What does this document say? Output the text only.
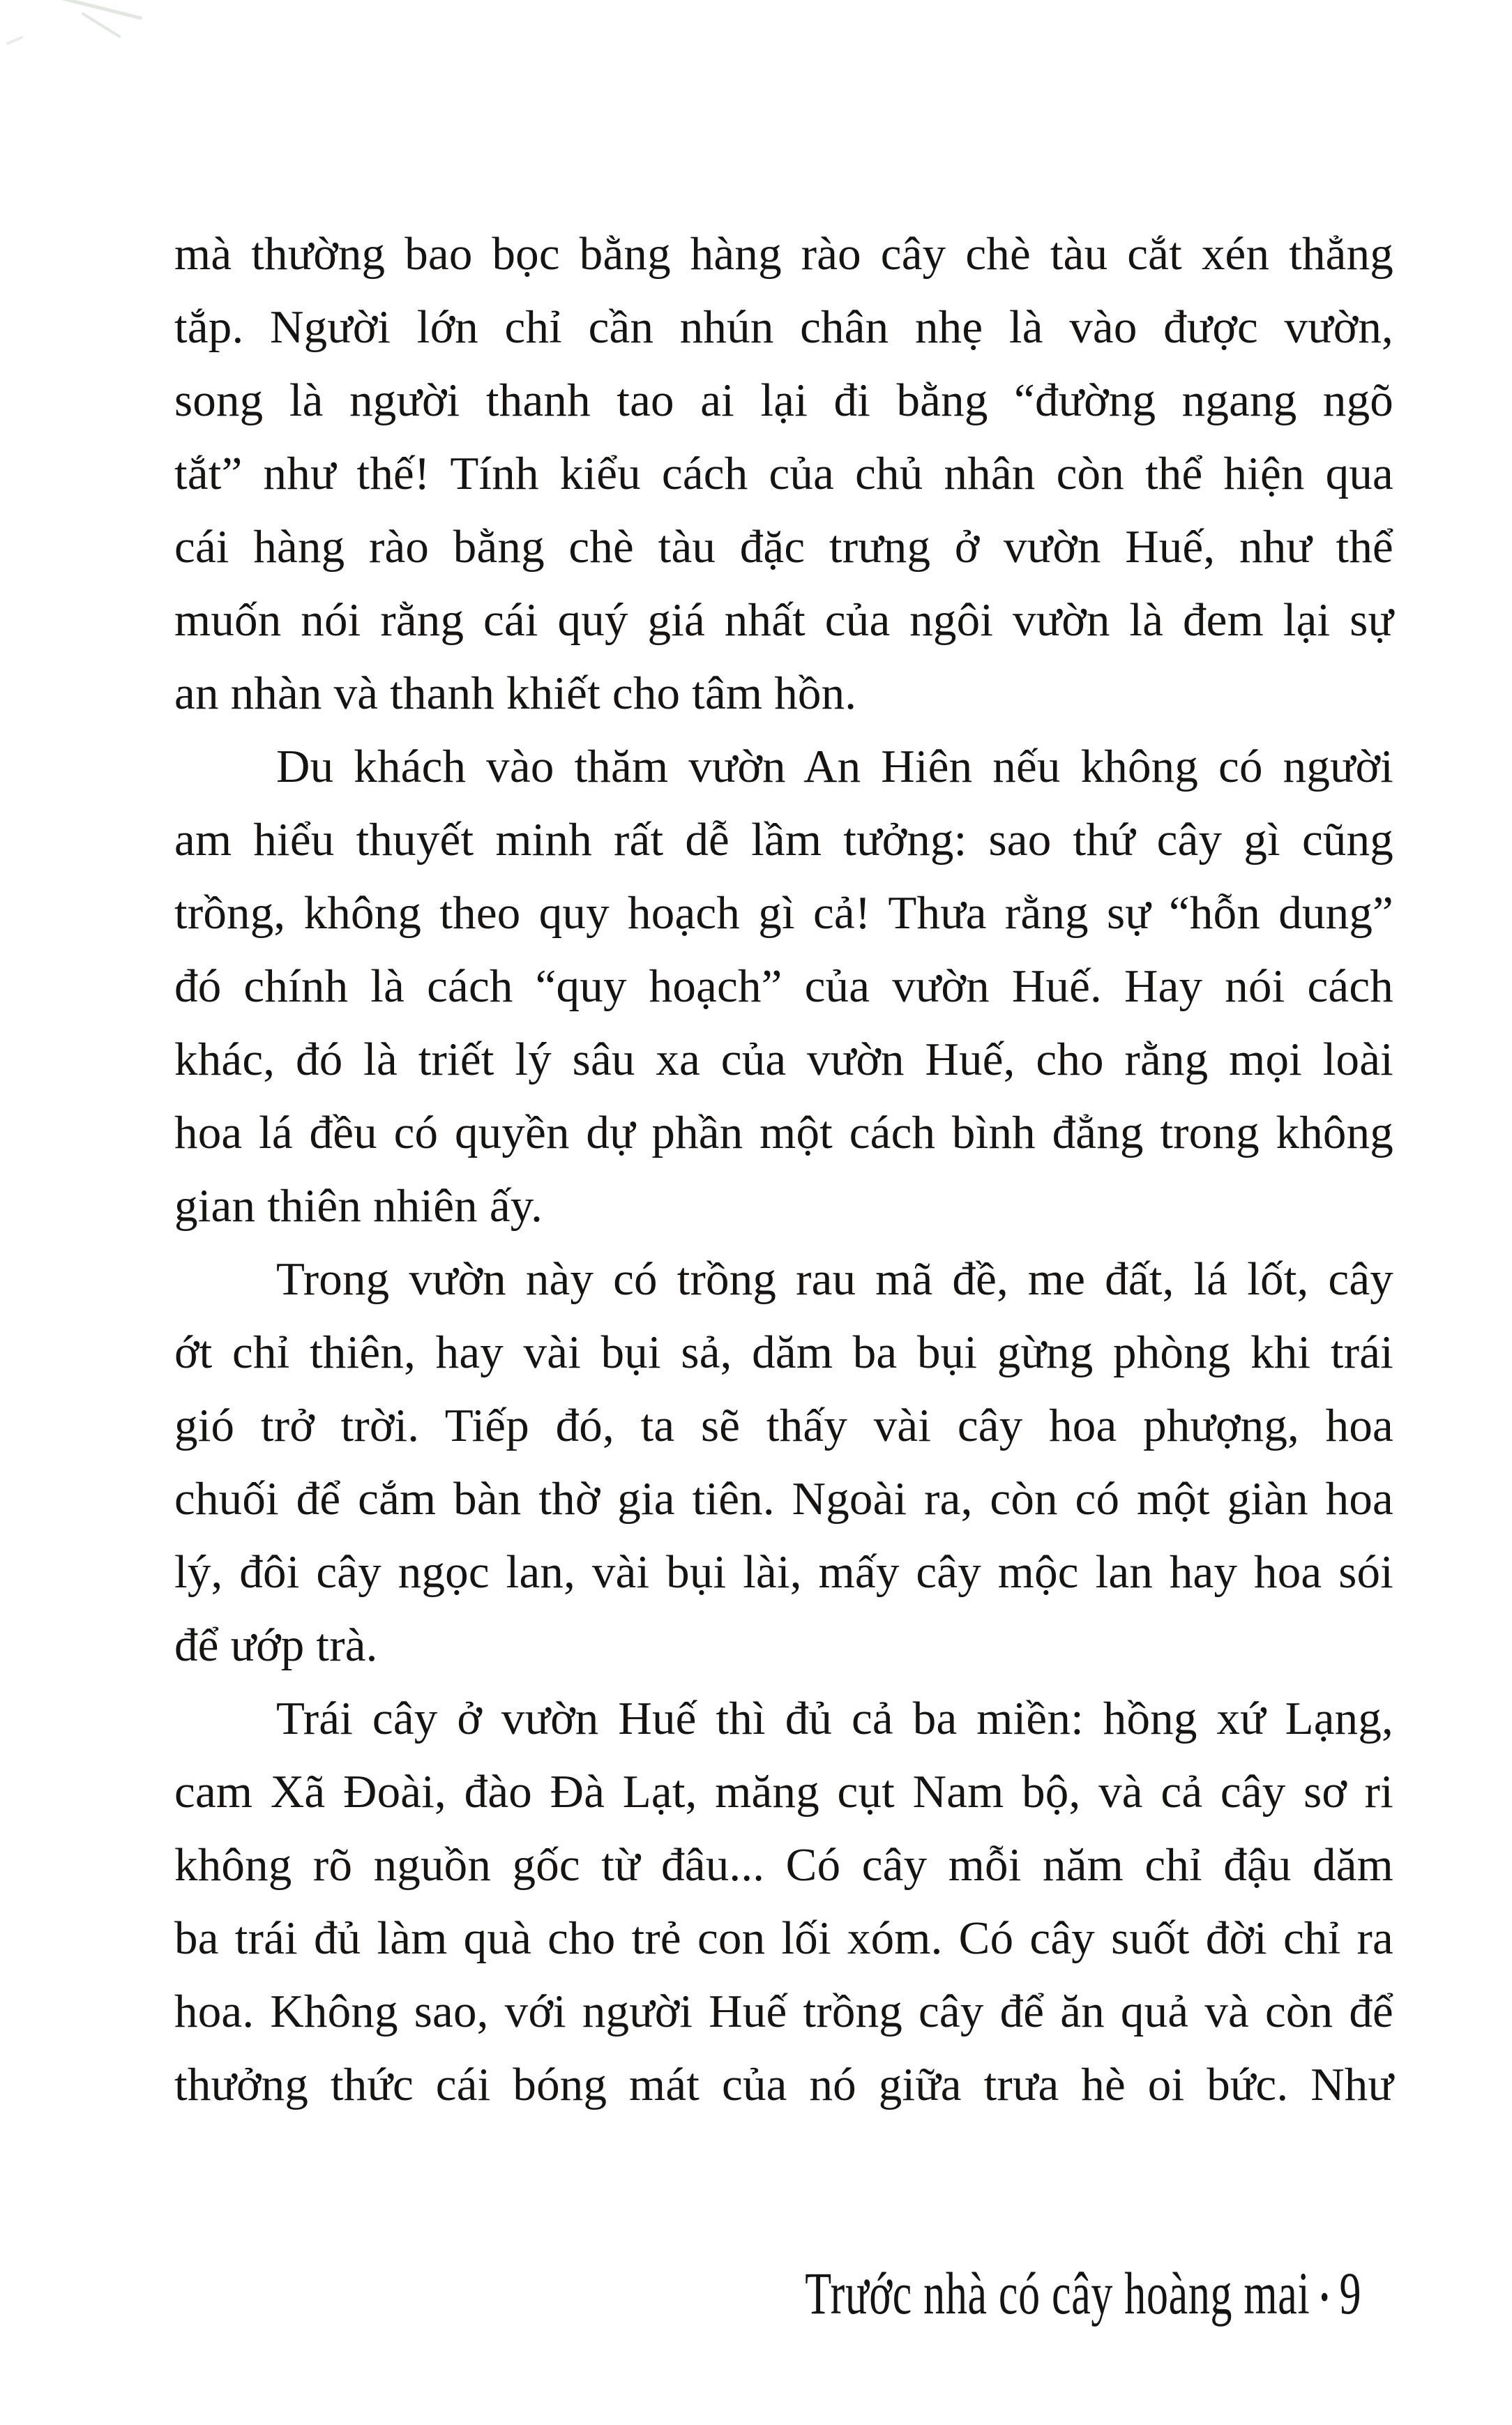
mà thường bao bọc bằng hàng rào cây chè tàu cắt xén thẳng
tắp. Người lớn chỉ cần nhún chân nhẹ là vào được vườn,
song là người thanh tao ai lại đi bằng “đường ngang ngõ
tắt” như thế! Tính kiểu cách của chủ nhân còn thể hiện qua
cái hàng rào bằng chè tàu đặc trưng ở vườn Huế, như thể
muốn nói rằng cái quý giá nhất của ngôi vườn là đem lại sự
an nhàn và thanh khiết cho tâm hồn.
Du khách vào thăm vườn An Hiên nếu không có người
am hiểu thuyết minh rất dễ lầm tưởng: sao thứ cây gì cũng
trồng, không theo quy hoạch gì cả! Thưa rằng sự “hỗn dung”
đó chính là cách “quy hoạch” của vườn Huế. Hay nói cách
khác, đó là triết lý sâu xa của vườn Huế, cho rằng mọi loài
hoa lá đều có quyền dự phần một cách bình đẳng trong không
gian thiên nhiên ấy.
Trong vườn này có trồng rau mã đề, me đất, lá lốt, cây
ớt chỉ thiên, hay vài bụi sả, dăm ba bụi gừng phòng khi trái
gió trở trời. Tiếp đó, ta sẽ thấy vài cây hoa phượng, hoa
chuối để cắm bàn thờ gia tiên. Ngoài ra, còn có một giàn hoa
lý, đôi cây ngọc lan, vài bụi lài, mấy cây mộc lan hay hoa sói
để ướp trà.
Trái cây ở vườn Huế thì đủ cả ba miền: hồng xứ Lạng,
cam Xã Đoài, đào Đà Lạt, măng cụt Nam bộ, và cả cây sơ ri
không rõ nguồn gốc từ đâu... Có cây mỗi năm chỉ đậu dăm
ba trái đủ làm quà cho trẻ con lối xóm. Có cây suốt đời chỉ ra
hoa. Không sao, với người Huế trồng cây để ăn quả và còn để
thưởng thức cái bóng mát của nó giữa trưa hè oi bức. Như
Trước nhà có cây hoàng mai • 9
